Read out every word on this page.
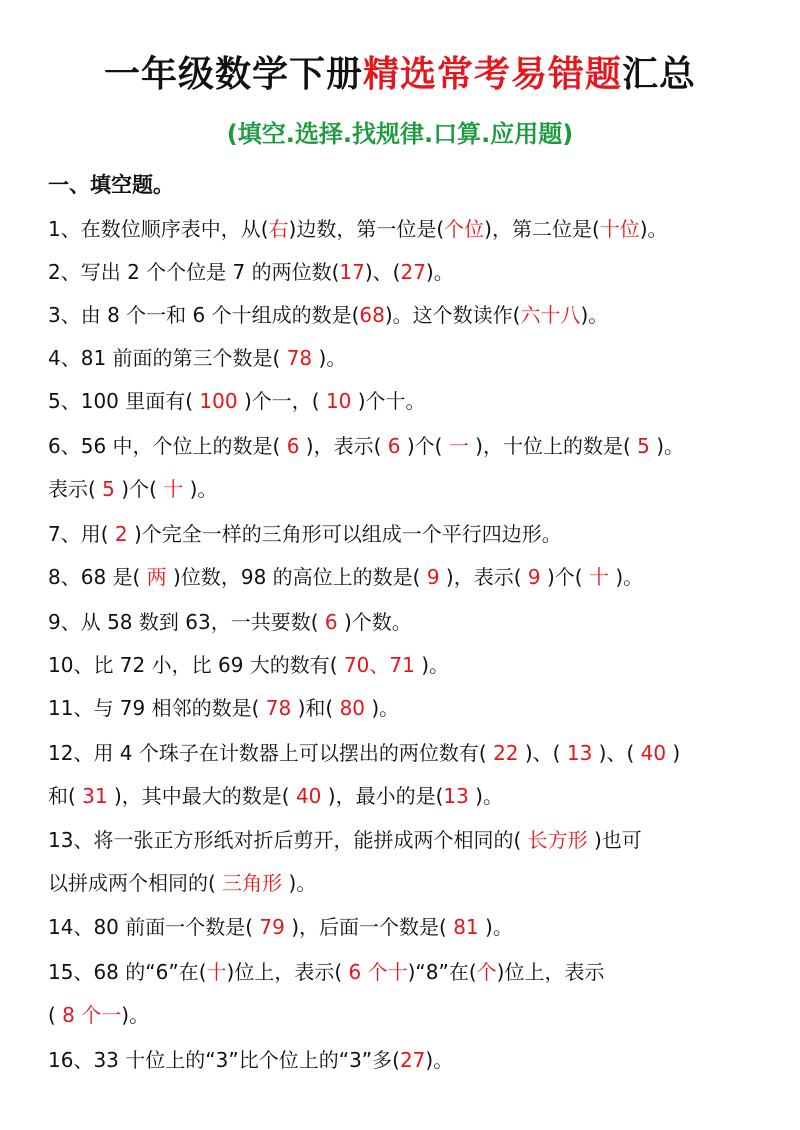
一年级数学下册精选常考易错题汇总
(填空.选择.找规律.口算.应用题)
一、填空题。
1、在数位顺序表中，从(右)边数，第一位是(个位)，第二位是(十位)。
2、写出 2 个个位是 7 的两位数(17)、(27)。
3、由 8 个一和 6 个十组成的数是(68)。这个数读作(六十八)。
4、81 前面的第三个数是( 78 )。
5、100 里面有( 100 )个一，( 10 )个十。
6、56 中，个位上的数是( 6 )，表示( 6 )个( 一 )，十位上的数是( 5 )。
表示( 5 )个( 十 )。
7、用( 2 )个完全一样的三角形可以组成一个平行四边形。
8、68 是( 两 )位数，98 的高位上的数是( 9 )，表示( 9 )个( 十 )。
9、从 58 数到 63，一共要数( 6 )个数。
10、比 72 小，比 69 大的数有( 70、71 )。
11、与 79 相邻的数是( 78 )和( 80 )。
12、用 4 个珠子在计数器上可以摆出的两位数有( 22 )、( 13 )、( 40 )
和( 31 )，其中最大的数是( 40 )，最小的是(13 )。
13、将一张正方形纸对折后剪开，能拼成两个相同的( 长方形 )也可
以拼成两个相同的( 三角形 )。
14、80 前面一个数是( 79 )，后面一个数是( 81 )。
15、68 的“6”在(十)位上，表示( 6 个十)“8”在(个)位上，表示
( 8 个一)。
16、33 十位上的“3”比个位上的“3”多(27)。
